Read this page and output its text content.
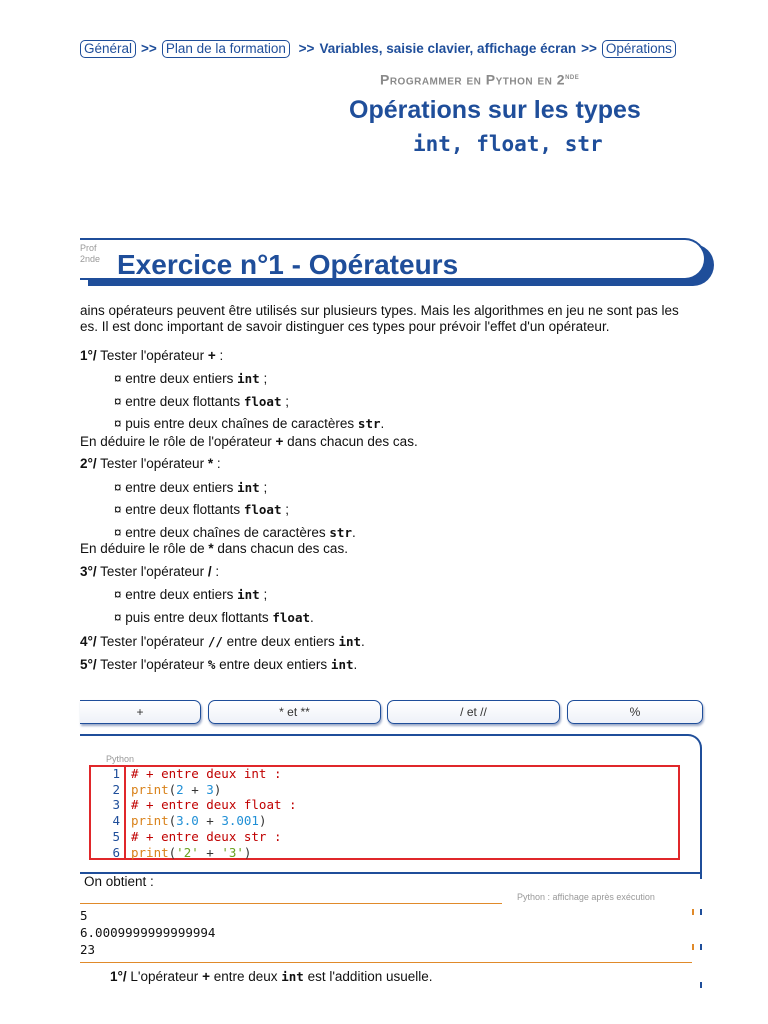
Général >> Plan de la formation >> Variables, saisie clavier, affichage écran >> Opérations
Programmer en Python en 2nde
Opérations sur les types
int, float, str
Prof
2nde Exercice n°1 - Opérateurs
ains opérateurs peuvent être utilisés sur plusieurs types. Mais les algorithmes en jeu ne sont pas les
es. Il est donc important de savoir distinguer ces types pour prévoir l'effet d'un opérateur.
1°/ Tester l'opérateur + :
¤ entre deux entiers int ;
¤ entre deux flottants float ;
¤ puis entre deux chaînes de caractères str.
En déduire le rôle de l'opérateur + dans chacun des cas.
2°/ Tester l'opérateur * :
¤ entre deux entiers int ;
¤ entre deux flottants float ;
¤ entre deux chaînes de caractères str.
En déduire le rôle de * dans chacun des cas.
3°/ Tester l'opérateur / :
¤ entre deux entiers int ;
¤ puis entre deux flottants float.
4°/ Tester l'opérateur // entre deux entiers int.
5°/ Tester l'opérateur % entre deux entiers int.
+	* et **	/ et //	%
Python
1
2
3
4
5
6
# + entre deux int :
print(2 + 3)
# + entre deux float :
print(3.0 + 3.001)
# + entre deux str :
print('2' + '3')
On obtient :
Python : affichage après exécution
5
6.0009999999999994
23
1°/ L'opérateur + entre deux int est l'addition usuelle.
